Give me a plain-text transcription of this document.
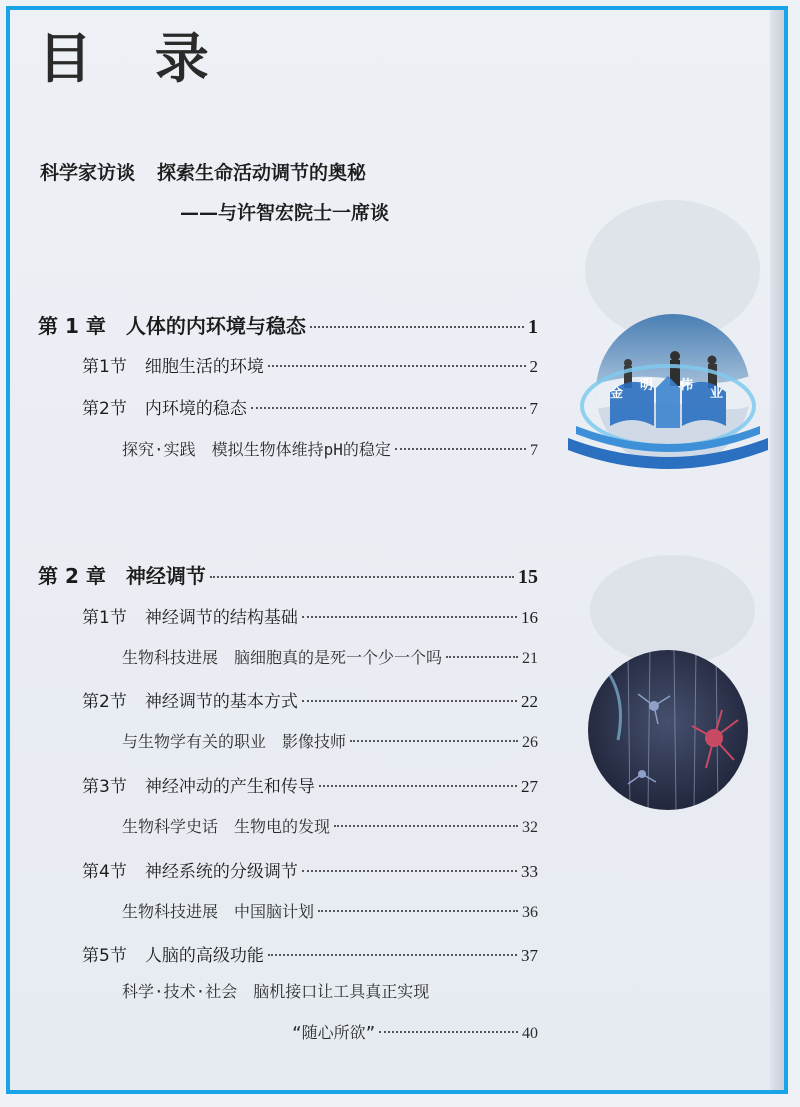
目 录
科学家访谈 探索生命活动调节的奥秘
——与许智宏院士一席谈
第 1 章 人体的内环境与稳态	1
第1节 细胞生活的环境	2
第2节 内环境的稳态	7
探究·实践 模拟生物体维持pH的稳定	7
第 2 章 神经调节	15
第1节 神经调节的结构基础	16
生物科技进展 脑细胞真的是死一个少一个吗	21
第2节 神经调节的基本方式	22
与生物学有关的职业 影像技师	26
第3节 神经冲动的产生和传导	27
生物科学史话 生物电的发现	32
第4节 神经系统的分级调节	33
生物科技进展 中国脑计划	36
第5节 人脑的高级功能	37
科学·技术·社会 脑机接口让工具真正实现
“随心所欲”	40
金
明 伟
业
